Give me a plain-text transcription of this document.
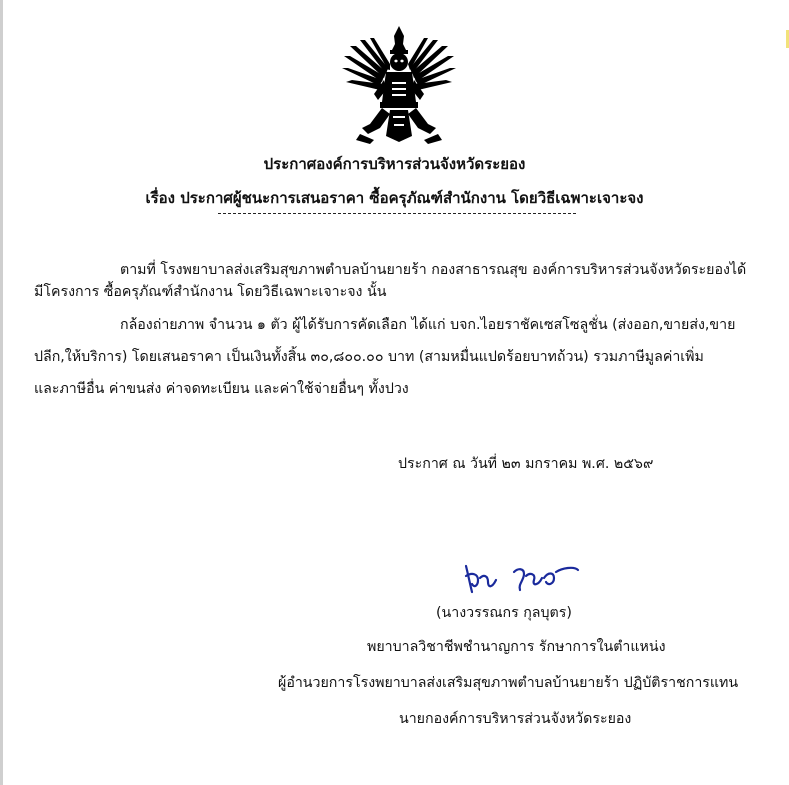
ประกาศองค์การบริหารส่วนจังหวัดระยอง
เรื่อง ประกาศผู้ชนะการเสนอราคา ซื้อครุภัณฑ์สำนักงาน โดยวิธีเฉพาะเจาะจง
ตามที่ โรงพยาบาลส่งเสริมสุขภาพตำบลบ้านยายร้า กองสาธารณสุข องค์การบริหารส่วนจังหวัดระยองได้
มีโครงการ ซื้อครุภัณฑ์สำนักงาน โดยวิธีเฉพาะเจาะจง นั้น
กล้องถ่ายภาพ จำนวน ๑ ตัว ผู้ได้รับการคัดเลือก ได้แก่ บจก.ไอยราชัคเซสโซลูชั่น (ส่งออก,ขายส่ง,ขาย
ปลีก,ให้บริการ) โดยเสนอราคา เป็นเงินทั้งสิ้น ๓๐,๘๐๐.๐๐ บาท (สามหมื่นแปดร้อยบาทถ้วน) รวมภาษีมูลค่าเพิ่ม
และภาษีอื่น ค่าขนส่ง ค่าจดทะเบียน และค่าใช้จ่ายอื่นๆ ทั้งปวง
ประกาศ ณ วันที่ ๒๓ มกราคม พ.ศ. ๒๕๖๙
(นางวรรณกร กุลบุตร)
พยาบาลวิชาชีพชำนาญการ รักษาการในตำแหน่ง
ผู้อำนวยการโรงพยาบาลส่งเสริมสุขภาพตำบลบ้านยายร้า ปฏิบัติราชการแทน
นายกองค์การบริหารส่วนจังหวัดระยอง
